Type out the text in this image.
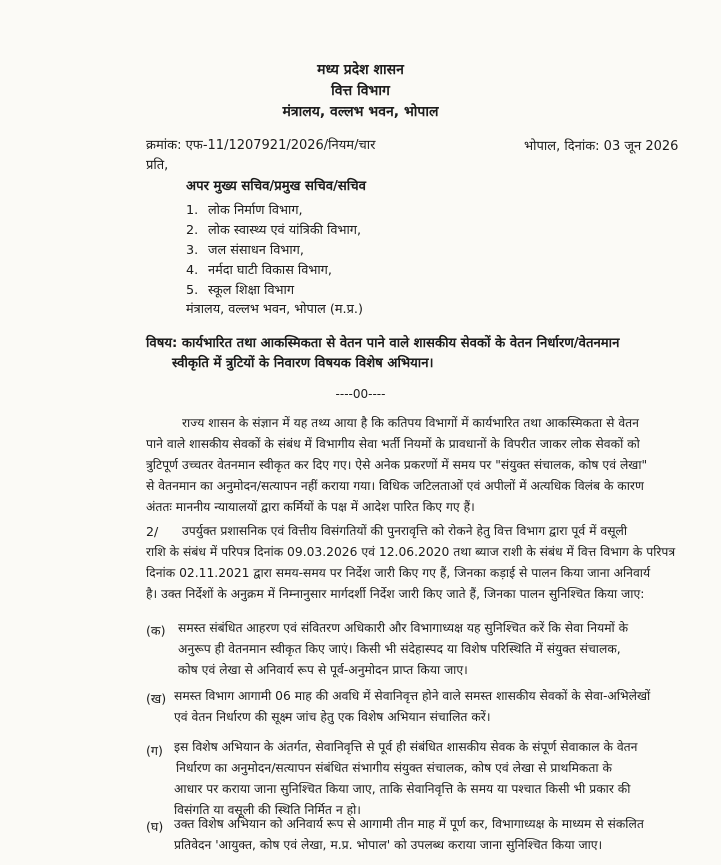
मध्य प्रदेश शासन
वित्त विभाग
मंत्रालय, वल्लभ भवन, भोपाल
क्रमांक: एफ-11/1207921/2026/नियम/चार	भोपाल, दिनांक: 03 जून 2026
प्रति,
अपर मुख्य सचिव/प्रमुख सचिव/सचिव
1. लोक निर्माण विभाग,
2. लोक स्वास्थ्य एवं यांत्रिकी विभाग,
3. जल संसाधन विभाग,
4. नर्मदा घाटी विकास विभाग,
5. स्कूल शिक्षा विभाग
मंत्रालय, वल्लभ भवन, भोपाल (म.प्र.)
विषय: कार्यभारित तथा आकस्मिकता से वेतन पाने वाले शासकीय सेवकों के वेतन निर्धारण/वेतनमान
स्वीकृति में त्रुटियों के निवारण विषयक विशेष अभियान।
----00----
राज्य शासन के संज्ञान में यह तथ्य आया है कि कतिपय विभागों में कार्यभारित तथा आकस्मिकता से वेतन
पाने वाले शासकीय सेवकों के संबंध में विभागीय सेवा भर्ती नियमों के प्रावधानों के विपरीत जाकर लोक सेवकों को
त्रुटिपूर्ण उच्चतर वेतनमान स्वीकृत कर दिए गए। ऐसे अनेक प्रकरणों में समय पर "संयुक्त संचालक, कोष एवं लेखा"
से वेतनमान का अनुमोदन/सत्यापन नहीं कराया गया। विधिक जटिलताओं एवं अपीलों में अत्यधिक विलंब के कारण
अंततः माननीय न्यायालयों द्वारा कर्मियों के पक्ष में आदेश पारित किए गए हैं।
2/	उपर्युक्त प्रशासनिक एवं वित्तीय विसंगतियों की पुनरावृत्ति को रोकने हेतु वित्त विभाग द्वारा पूर्व में वसूली
राशि के संबंध में परिपत्र दिनांक 09.03.2026 एवं 12.06.2020 तथा ब्याज राशी के संबंध में वित्त विभाग के परिपत्र
दिनांक 02.11.2021 द्वारा समय-समय पर निर्देश जारी किए गए हैं, जिनका कड़ाई से पालन किया जाना अनिवार्य
है। उक्त निर्देशों के अनुक्रम में निम्नानुसार मार्गदर्शी निर्देश जारी किए जाते हैं, जिनका पालन सुनिश्चित किया जाए:
(क) समस्त संबंधित आहरण एवं संवितरण अधिकारी और विभागाध्यक्ष यह सुनिश्चित करें कि सेवा नियमों के
अनुरूप ही वेतनमान स्वीकृत किए जाएं। किसी भी संदेहास्पद या विशेष परिस्थिति में संयुक्त संचालक,
कोष एवं लेखा से अनिवार्य रूप से पूर्व-अनुमोदन प्राप्त किया जाए।
(ख) समस्त विभाग आगामी 06 माह की अवधि में सेवानिवृत्त होने वाले समस्त शासकीय सेवकों के सेवा-अभिलेखों
एवं वेतन निर्धारण की सूक्ष्म जांच हेतु एक विशेष अभियान संचालित करें।
(ग) इस विशेष अभियान के अंतर्गत, सेवानिवृत्ति से पूर्व ही संबंधित शासकीय सेवक के संपूर्ण सेवाकाल के वेतन
निर्धारण का अनुमोदन/सत्यापन संबंधित संभागीय संयुक्त संचालक, कोष एवं लेखा से प्राथमिकता के
आधार पर कराया जाना सुनिश्चित किया जाए, ताकि सेवानिवृत्ति के समय या पश्चात किसी भी प्रकार की
विसंगति या वसूली की स्थिति निर्मित न हो।
(घ) उक्त विशेष अभियान को अनिवार्य रूप से आगामी तीन माह में पूर्ण कर, विभागाध्यक्ष के माध्यम से संकलित
प्रतिवेदन 'आयुक्त, कोष एवं लेखा, म.प्र. भोपाल' को उपलब्ध कराया जाना सुनिश्चित किया जाए।
